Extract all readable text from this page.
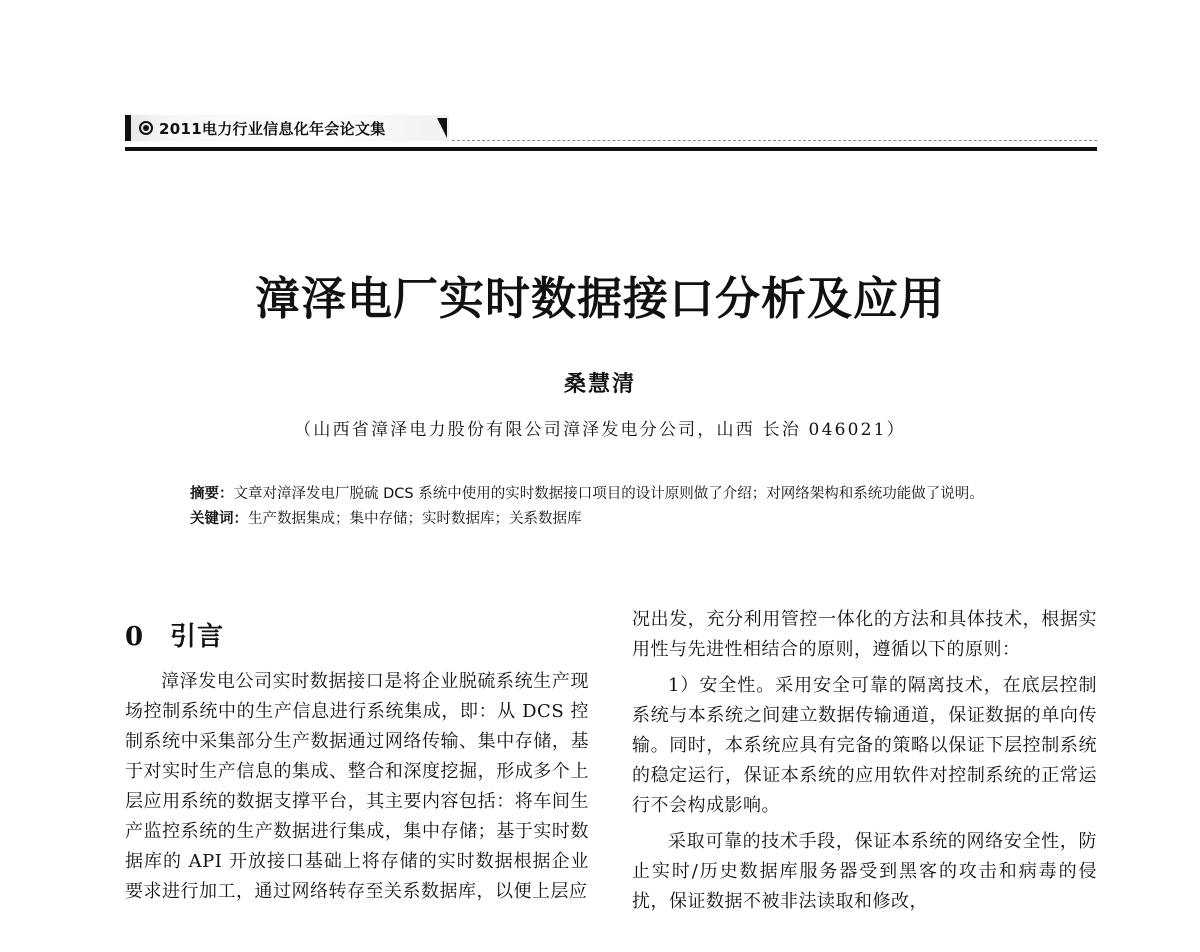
2011电力行业信息化年会论文集
漳泽电厂实时数据接口分析及应用
桑慧清
（山西省漳泽电力股份有限公司漳泽发电分公司，山西 长治 046021）
摘要：文章对漳泽发电厂脱硫 DCS 系统中使用的实时数据接口项目的设计原则做了介绍；对网络架构和系统功能做了说明。
关键词：生产数据集成；集中存储；实时数据库；关系数据库
0 引言

漳泽发电公司实时数据接口是将企业脱硫系统生产现场控制系统中的生产信息进行系统集成，即：从 DCS 控制系统中采集部分生产数据通过网络传输、集中存储，基于对实时生产信息的集成、整合和深度挖掘，形成多个上层应用系统的数据支撑平台，其主要内容包括：将车间生产监控系统的生产数据进行集成，集中存储；基于实时数据库的 API 开放接口基础上将存储的实时数据根据企业要求进行加工，通过网络转存至关系数据库，以便上层应

况出发，充分利用管控一体化的方法和具体技术，根据实用性与先进性相结合的原则，遵循以下的原则：

1）安全性。采用安全可靠的隔离技术，在底层控制系统与本系统之间建立数据传输通道，保证数据的单向传输。同时，本系统应具有完备的策略以保证下层控制系统的稳定运行，保证本系统的应用软件对控制系统的正常运行不会构成影响。

采取可靠的技术手段，保证本系统的网络安全性，防止实时/历史数据库服务器受到黑客的攻击和病毒的侵扰，保证数据不被非法读取和修改，
